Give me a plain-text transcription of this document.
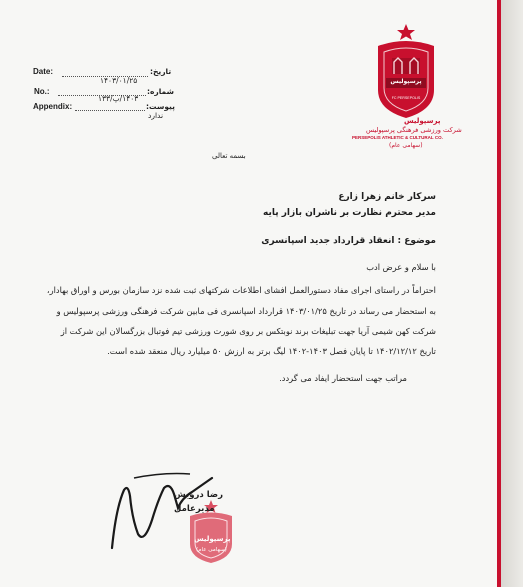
Date:	تاریخ:
۱۴۰۳/۰۱/۲۵
No.:	شماره:
۱۴۰۳/پ/۱۳۳
Appendix:	پیوست:
ندارد
پرسپولیس
FC PERSEPOLIS
پرسپولیس
شرکت ورزشی فرهنگی پرسپولیس
PERSEPOLIS ATHLETIC & CULTURAL CO.
(سهامی عام)
بسمه تعالی
سرکار خانم زهرا زارع
مدیر محترم نظارت بر ناشران بازار پایه
موضوع : انعقاد قرارداد جدید اسپانسری
با سلام و عرض ادب
احتراماً در راستای اجرای مفاد دستورالعمل افشای اطلاعات شرکتهای ثبت شده نزد سازمان بورس و اوراق بهادار،
به استحضار می رساند در تاریخ ۱۴۰۳/۰۱/۲۵ قرارداد اسپانسری فی مابین شرکت فرهنگی ورزشی پرسپولیس و
شرکت کهن شیمی آریا جهت تبلیغات برند نوبتکس بر روی شورت ورزشی تیم فوتبال بزرگسالان این شرکت از
تاریخ ۱۴۰۲/۱۲/۱۲ تا پایان فصل ۱۴۰۳-۱۴۰۲ لیگ برتر به ارزش ۵۰ میلیارد ریال منعقد شده است.
مراتب جهت استحضار ایفاد می گردد.
پرسپولیس
(سهامی عام)
رضا درویش
مدیرعامل
